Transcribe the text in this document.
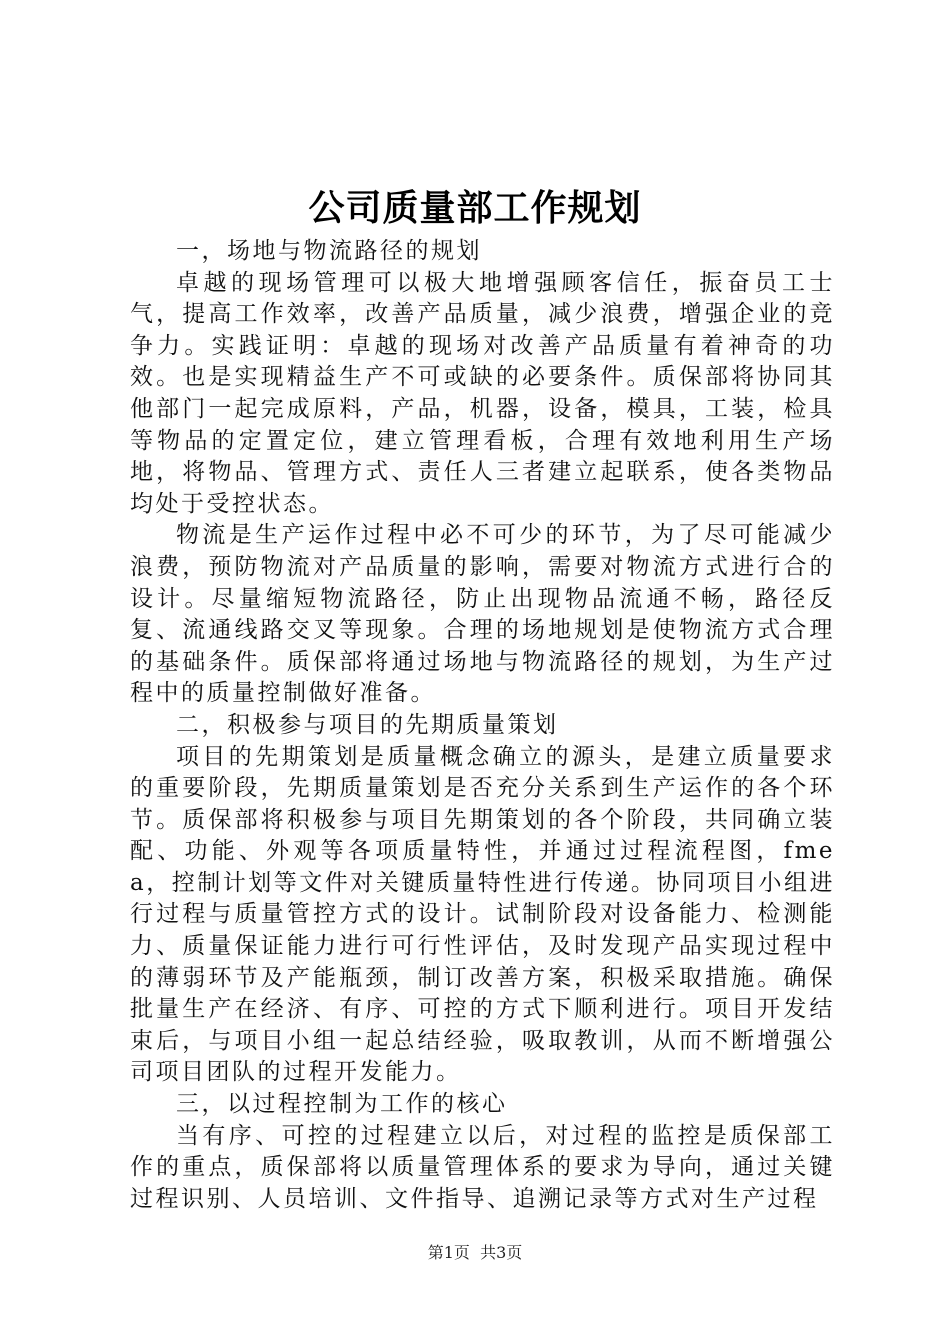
公司质量部工作规划
一，场地与物流路径的规划

卓越的现场管理可以极大地增强顾客信任，振奋员工士气，提高工作效率，改善产品质量，减少浪费，增强企业的竞争力。实践证明：卓越的现场对改善产品质量有着神奇的功效。也是实现精益生产不可或缺的必要条件。质保部将协同其他部门一起完成原料，产品，机器，设备，模具，工装，检具等物品的定置定位，建立管理看板，合理有效地利用生产场地，将物品、管理方式、责任人三者建立起联系，使各类物品均处于受控状态。

物流是生产运作过程中必不可少的环节，为了尽可能减少浪费，预防物流对产品质量的影响，需要对物流方式进行合的设计。尽量缩短物流路径，防止出现物品流通不畅，路径反复、流通线路交叉等现象。合理的场地规划是使物流方式合理的基础条件。质保部将通过场地与物流路径的规划，为生产过程中的质量控制做好准备。

二，积极参与项目的先期质量策划

项目的先期策划是质量概念确立的源头，是建立质量要求的重要阶段，先期质量策划是否充分关系到生产运作的各个环节。质保部将积极参与项目先期策划的各个阶段，共同确立装配、功能、外观等各项质量特性，并通过过程流程图，fmea，控制计划等文件对关键质量特性进行传递。协同项目小组进行过程与质量管控方式的设计。试制阶段对设备能力、检测能力、质量保证能力进行可行性评估，及时发现产品实现过程中的薄弱环节及产能瓶颈，制订改善方案，积极采取措施。确保批量生产在经济、有序、可控的方式下顺利进行。项目开发结束后，与项目小组一起总结经验，吸取教训，从而不断增强公司项目团队的过程开发能力。

三，以过程控制为工作的核心

当有序、可控的过程建立以后，对过程的监控是质保部工作的重点，质保部将以质量管理体系的要求为导向，通过关键过程识别、人员培训、文件指导、追溯记录等方式对生产过程

第1页 共3页
